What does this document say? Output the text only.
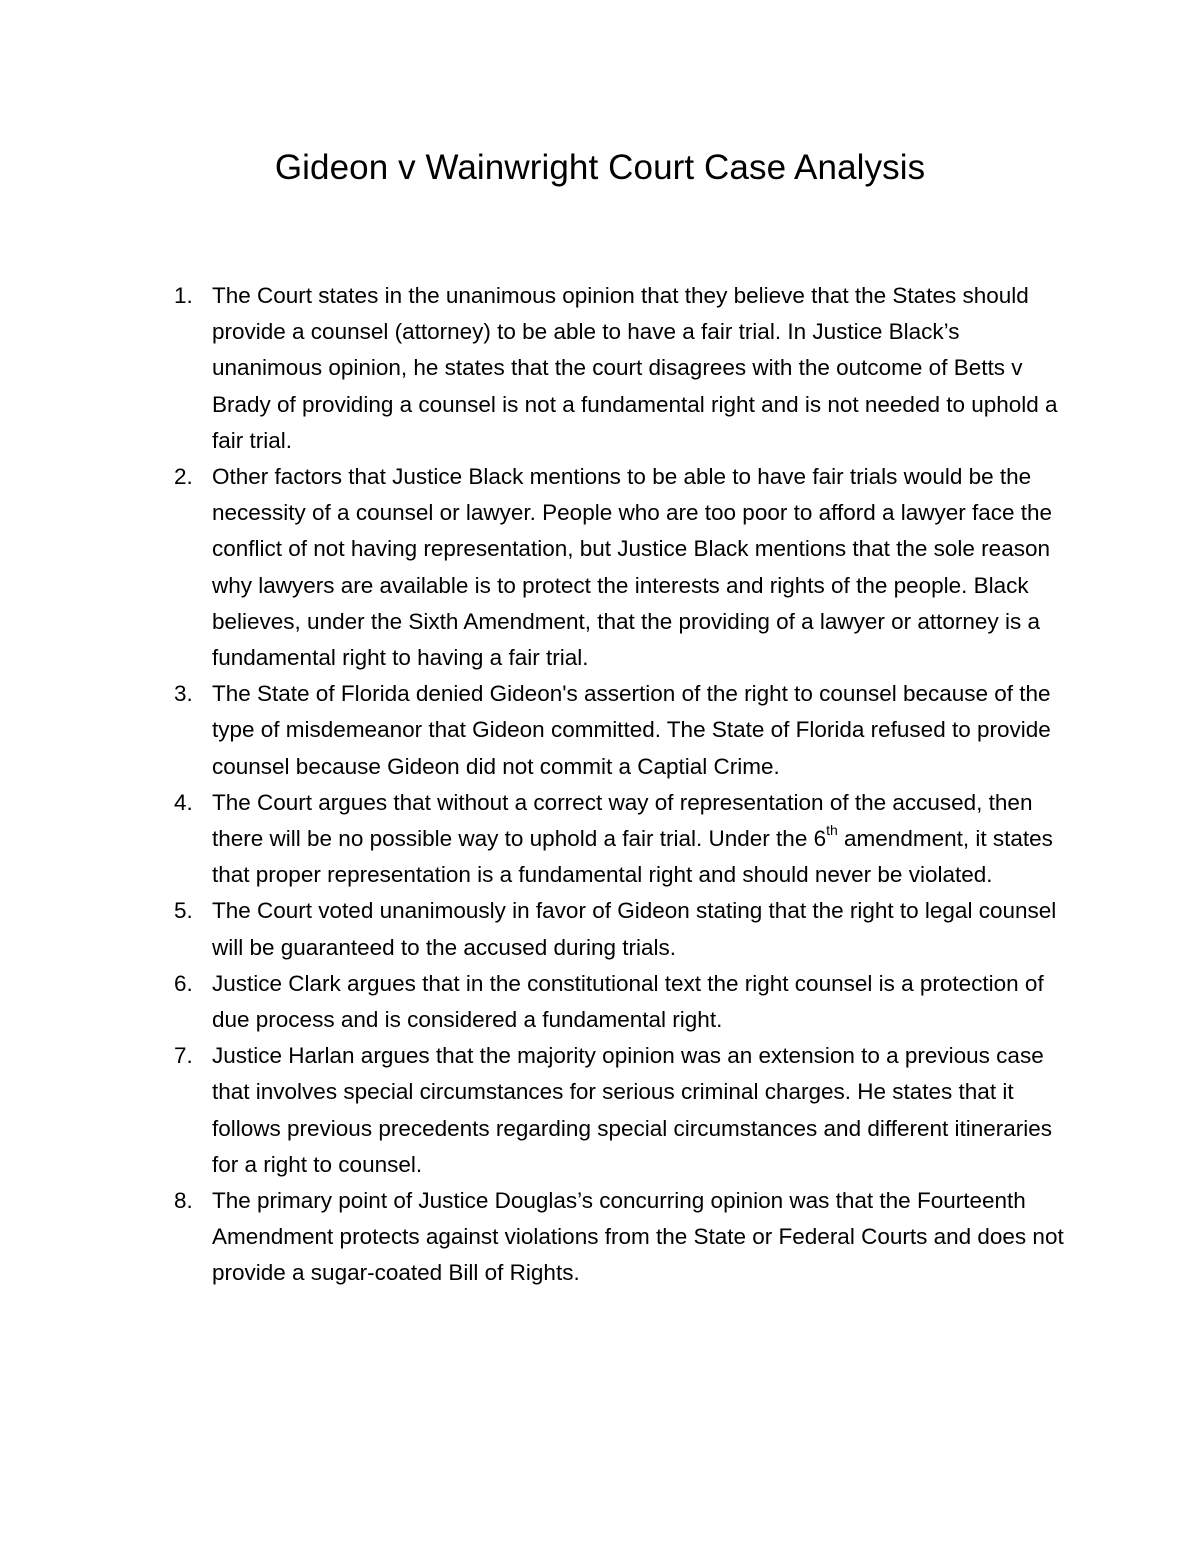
Gideon v Wainwright Court Case Analysis
1. The Court states in the unanimous opinion that they believe that the States should provide a counsel (attorney) to be able to have a fair trial. In Justice Black’s unanimous opinion, he states that the court disagrees with the outcome of Betts v Brady of providing a counsel is not a fundamental right and is not needed to uphold a fair trial.
2. Other factors that Justice Black mentions to be able to have fair trials would be the necessity of a counsel or lawyer. People who are too poor to afford a lawyer face the conflict of not having representation, but Justice Black mentions that the sole reason why lawyers are available is to protect the interests and rights of the people. Black believes, under the Sixth Amendment, that the providing of a lawyer or attorney is a fundamental right to having a fair trial.
3. The State of Florida denied Gideon's assertion of the right to counsel because of the type of misdemeanor that Gideon committed. The State of Florida refused to provide counsel because Gideon did not commit a Captial Crime.
4. The Court argues that without a correct way of representation of the accused, then there will be no possible way to uphold a fair trial. Under the 6th amendment, it states that proper representation is a fundamental right and should never be violated.
5. The Court voted unanimously in favor of Gideon stating that the right to legal counsel will be guaranteed to the accused during trials.
6. Justice Clark argues that in the constitutional text the right counsel is a protection of due process and is considered a fundamental right.
7. Justice Harlan argues that the majority opinion was an extension to a previous case that involves special circumstances for serious criminal charges. He states that it follows previous precedents regarding special circumstances and different itineraries for a right to counsel.
8. The primary point of Justice Douglas’s concurring opinion was that the Fourteenth Amendment protects against violations from the State or Federal Courts and does not provide a sugar-coated Bill of Rights.
